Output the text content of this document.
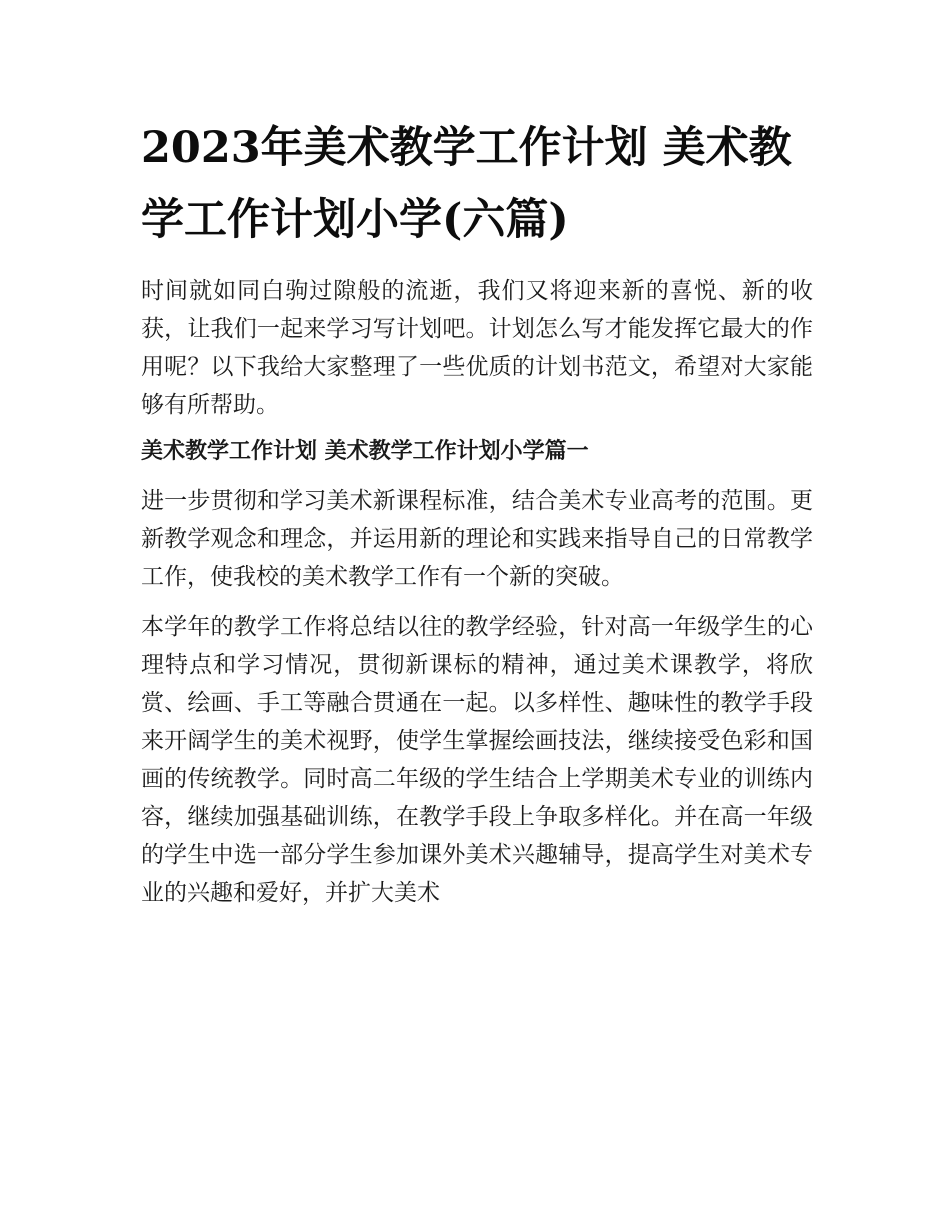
2023年美术教学工作计划 美术教学工作计划小学(六篇)

时间就如同白驹过隙般的流逝，我们又将迎来新的喜悦、新的收获，让我们一起来学习写计划吧。计划怎么写才能发挥它最大的作用呢？以下我给大家整理了一些优质的计划书范文，希望对大家能够有所帮助。

美术教学工作计划 美术教学工作计划小学篇一

进一步贯彻和学习美术新课程标准，结合美术专业高考的范围。更新教学观念和理念，并运用新的理论和实践来指导自己的日常教学工作，使我校的美术教学工作有一个新的突破。

本学年的教学工作将总结以往的教学经验，针对高一年级学生的心理特点和学习情况，贯彻新课标的精神，通过美术课教学，将欣赏、绘画、手工等融合贯通在一起。以多样性、趣味性的教学手段来开阔学生的美术视野，使学生掌握绘画技法，继续接受色彩和国画的传统教学。同时高二年级的学生结合上学期美术专业的训练内容，继续加强基础训练，在教学手段上争取多样化。并在高一年级的学生中选一部分学生参加课外美术兴趣辅导，提高学生对美术专业的兴趣和爱好，并扩大美术
